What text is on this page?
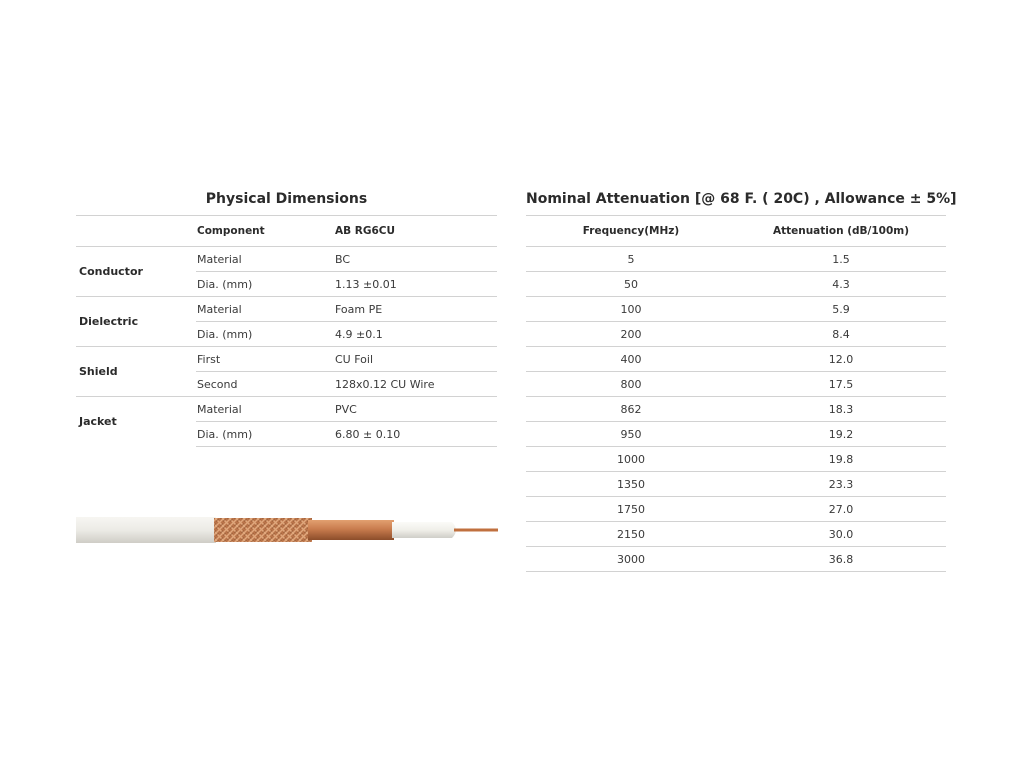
Physical Dimensions
	Component	AB RG6CU
Conductor	Material	BC
	Dia. (mm)	1.13 ±0.01
Dielectric	Material	Foam PE
	Dia. (mm)	4.9 ±0.1
Shield	First	CU Foil
	Second	128x0.12 CU Wire
Jacket	Material	PVC
	Dia. (mm)	6.80 ± 0.10
Nominal Attenuation [@ 68 F. ( 20C) , Allowance ± 5%]
Frequency(MHz)	Attenuation (dB/100m)
5	1.5
50	4.3
100	5.9
200	8.4
400	12.0
800	17.5
862	18.3
950	19.2
1000	19.8
1350	23.3
1750	27.0
2150	30.0
3000	36.8
